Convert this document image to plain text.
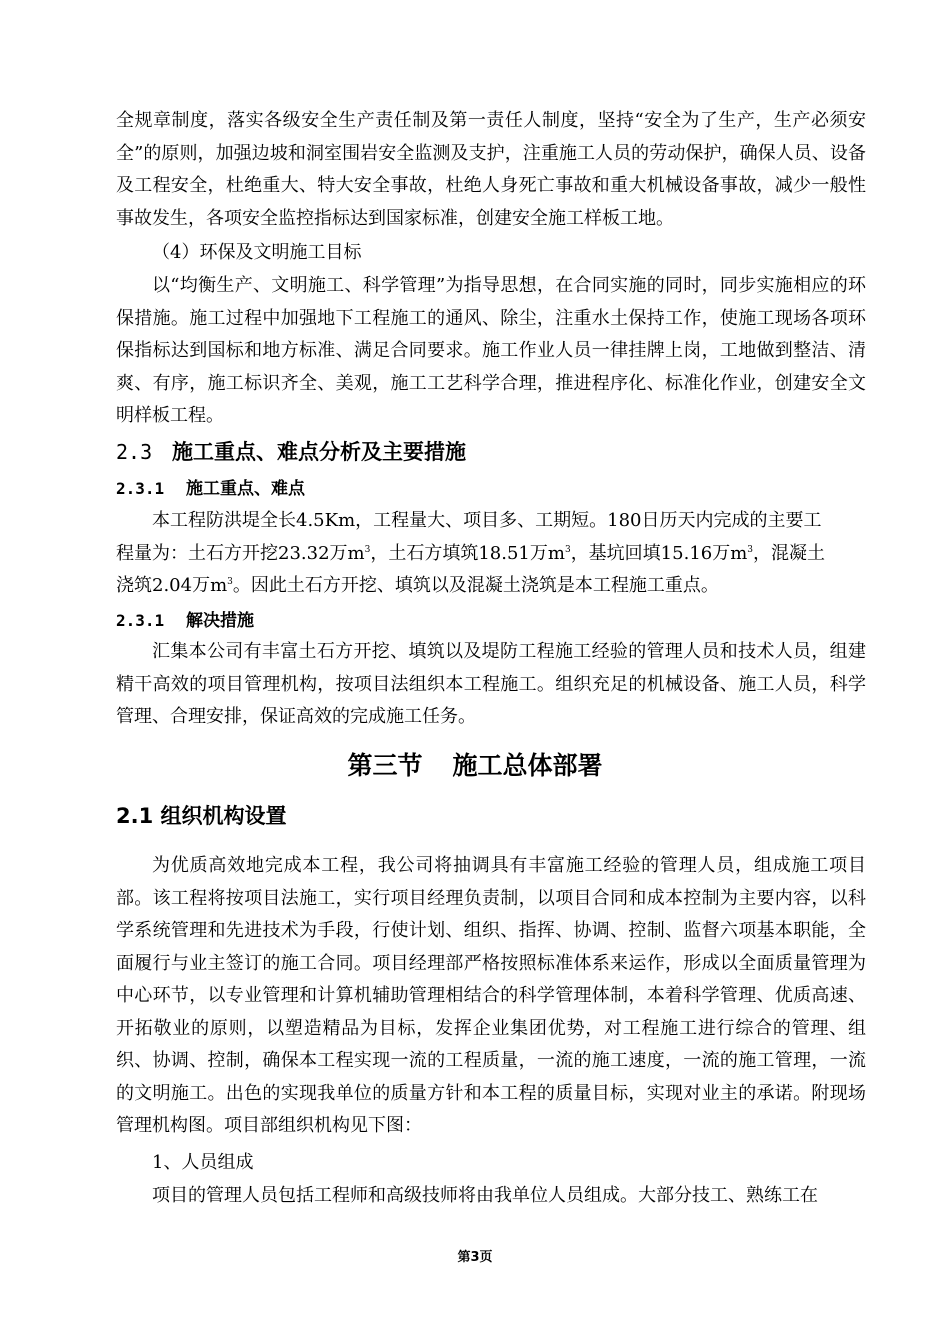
全规章制度，落实各级安全生产责任制及第一责任人制度，坚持“安全为了生产，生产必须安全”的原则，加强边坡和洞室围岩安全监测及支护，注重施工人员的劳动保护，确保人员、设备及工程安全，杜绝重大、特大安全事故，杜绝人身死亡事故和重大机械设备事故，减少一般性事故发生，各项安全监控指标达到国家标准，创建安全施工样板工地。

（4）环保及文明施工目标

以“均衡生产、文明施工、科学管理”为指导思想，在合同实施的同时，同步实施相应的环保措施。施工过程中加强地下工程施工的通风、除尘，注重水土保持工作，使施工现场各项环保指标达到国标和地方标准、满足合同要求。施工作业人员一律挂牌上岗，工地做到整洁、清爽、有序，施工标识齐全、美观，施工工艺科学合理，推进程序化、标准化作业，创建安全文明样板工程。

2.3 施工重点、难点分析及主要措施
2.3.1 施工重点、难点
本工程防洪堤全长4.5Km，工程量大、项目多、工期短。180日历天内完成的主要工
程量为：土石方开挖23.32万$m^3$，土石方填筑18.51万$m^3$，基坑回填15.16万$m^3$，混凝土
浇筑2.04万$m^3$。因此土石方开挖、填筑以及混凝土浇筑是本工程施工重点。
2.3.1 解决措施

汇集本公司有丰富土石方开挖、填筑以及堤防工程施工经验的管理人员和技术人员，组建精干高效的项目管理机构，按项目法组织本工程施工。组织充足的机械设备、施工人员，科学管理、合理安排，保证高效的完成施工任务。

第三节 施工总体部署
2.1 组织机构设置

为优质高效地完成本工程，我公司将抽调具有丰富施工经验的管理人员，组成施工项目部。该工程将按项目法施工，实行项目经理负责制，以项目合同和成本控制为主要内容，以科学系统管理和先进技术为手段，行使计划、组织、指挥、协调、控制、监督六项基本职能，全面履行与业主签订的施工合同。项目经理部严格按照标准体系来运作，形成以全面质量管理为中心环节，以专业管理和计算机辅助管理相结合的科学管理体制，本着科学管理、优质高速、开拓敬业的原则，以塑造精品为目标，发挥企业集团优势，对工程施工进行综合的管理、组织、协调、控制，确保本工程实现一流的工程质量，一流的施工速度，一流的施工管理，一流的文明施工。出色的实现我单位的质量方针和本工程的质量目标，实现对业主的承诺。附现场管理机构图。项目部组织机构见下图：

1、人员组成

项目的管理人员包括工程师和高级技师将由我单位人员组成。大部分技工、熟练工在

第3页
